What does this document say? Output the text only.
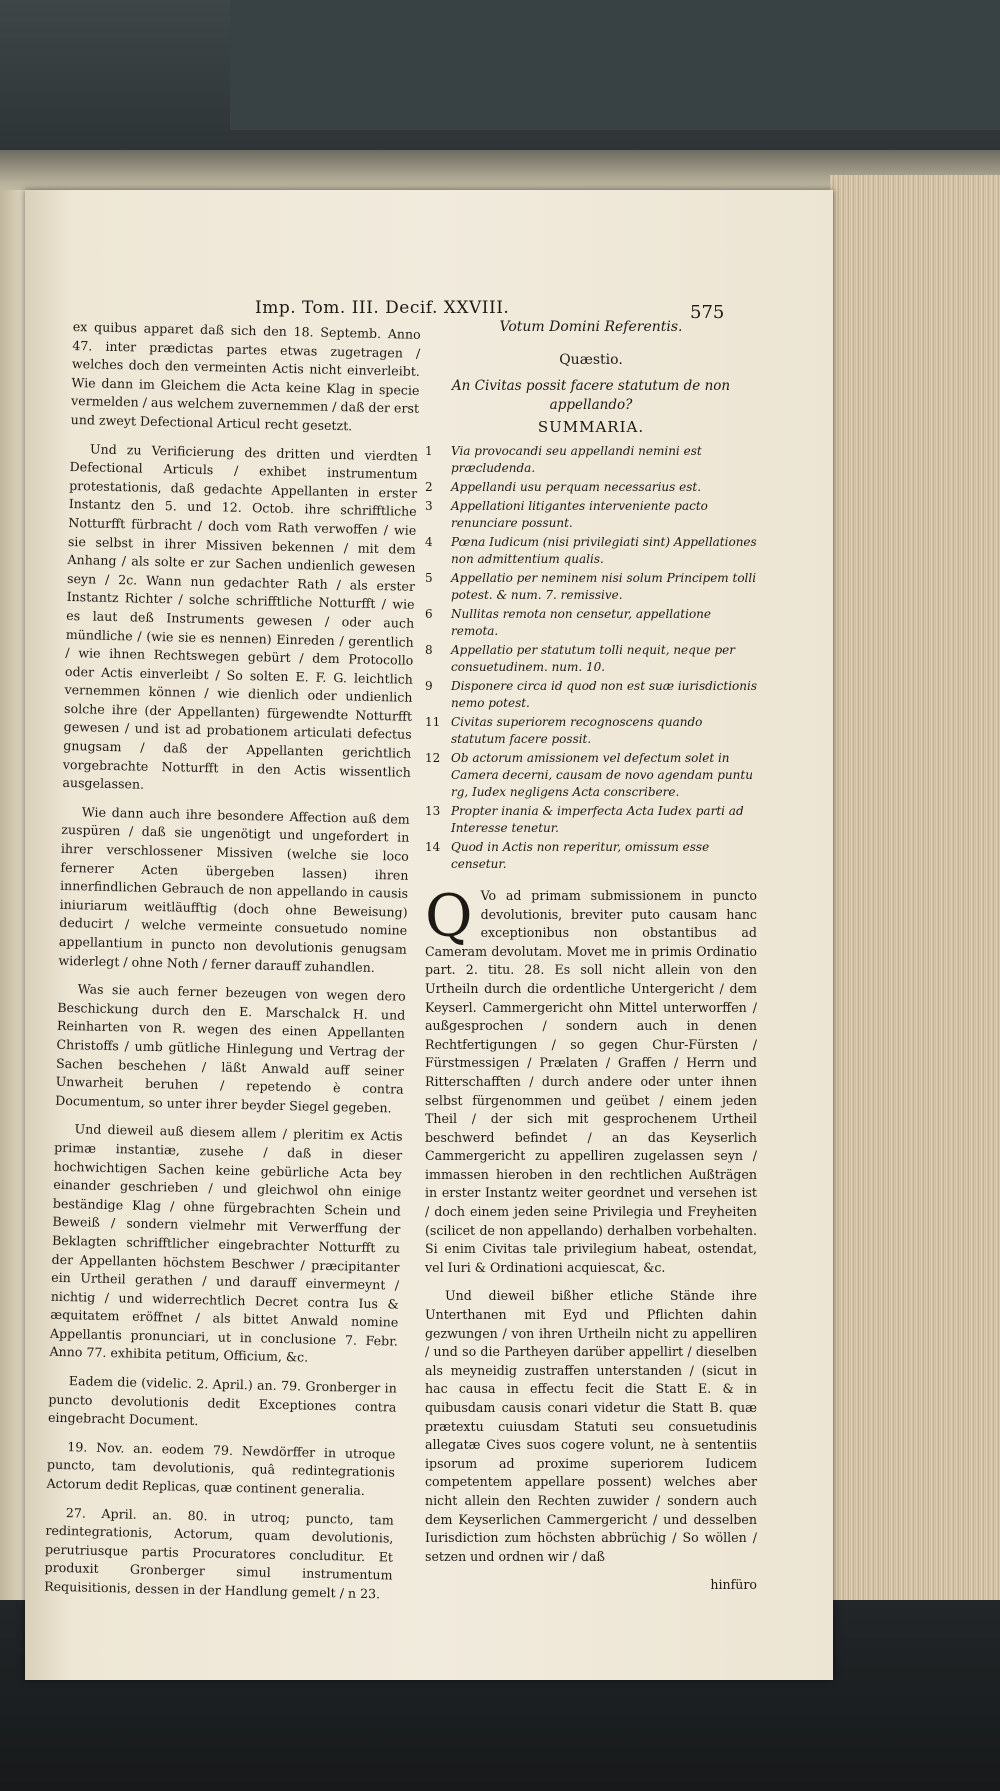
Imp. Tom. III. Decif. XXVIII.	575

ex quibus apparet daß sich den 18. Septemb. Anno 47. inter prædictas partes etwas zugetragen / welches doch den vermeinten Actis nicht einverleibt. Wie dann im Gleichem die Acta keine Klag in specie vermelden / aus welchem zuvernemmen / daß der erst und zweyt Defectional Articul recht gesetzt.

Und zu Verificierung des dritten und vierdten Defectional Articuls / exhibet instrumentum protestationis, daß gedachte Appellanten in erster Instantz den 5. und 12. Octob. ihre schrifftliche Notturfft fürbracht / doch vom Rath verwoffen / wie sie selbst in ihrer Missiven bekennen / mit dem Anhang / als solte er zur Sachen undienlich gewesen seyn / 2c. Wann nun gedachter Rath / als erster Instantz Richter / solche schrifftliche Notturfft / wie es laut deß Instruments gewesen / oder auch mündliche / (wie sie es nennen) Einreden / gerentlich / wie ihnen Rechtswegen gebürt / dem Protocollo oder Actis einverleibt / So solten E. F. G. leichtlich vernemmen können / wie dienlich oder undienlich solche ihre (der Appellanten) fürgewendte Notturfft gewesen / und ist ad probationem articulati defectus gnugsam / daß der Appellanten gerichtlich vorgebrachte Notturfft in den Actis wissentlich ausgelassen.

Wie dann auch ihre besondere Affection auß dem zuspüren / daß sie ungenötigt und ungefordert in ihrer verschlossener Missiven (welche sie loco fernerer Acten übergeben lassen) ihren innerfindlichen Gebrauch de non appellando in causis iniuriarum weitläufftig (doch ohne Beweisung) deducirt / welche vermeinte consuetudo nomine appellantium in puncto non devolutionis genugsam widerlegt / ohne Noth / ferner darauff zuhandlen.

Was sie auch ferner bezeugen von wegen dero Beschickung durch den E. Marschalck H. und Reinharten von R. wegen des einen Appellanten Christoffs / umb gütliche Hinlegung und Vertrag der Sachen beschehen / läßt Anwald auff seiner Unwarheit beruhen / repetendo è contra Documentum, so unter ihrer beyder Siegel gegeben.

Und dieweil auß diesem allem / pleritim ex Actis primæ instantiæ, zusehe / daß in dieser hochwichtigen Sachen keine gebürliche Acta bey einander geschrieben / und gleichwol ohn einige beständige Klag / ohne fürgebrachten Schein und Beweiß / sondern vielmehr mit Verwerffung der Beklagten schrifftlicher eingebrachter Notturfft zu der Appellanten höchstem Beschwer / præcipitanter ein Urtheil gerathen / und darauff einvermeynt / nichtig / und widerrechtlich Decret contra Ius & æquitatem eröffnet / als bittet Anwald nomine Appellantis pronunciari, ut in conclusione 7. Febr. Anno 77. exhibita petitum, Officium, &c.

Eadem die (videlic. 2. April.) an. 79. Gronberger in puncto devolutionis dedit Exceptiones contra eingebracht Document.

19. Nov. an. eodem 79. Newdörffer in utroque puncto, tam devolutionis, quâ redintegrationis Actorum dedit Replicas, quæ continent generalia.

27. April. an. 80. in utroq; puncto, tam redintegrationis, Actorum, quam devolutionis, perutriusque partis Procuratores concluditur. Et produxit Gronberger simul instrumentum Requisitionis, dessen in der Handlung gemelt / n 23.

Votum Domini Referentis.
Quæstio.
An Civitas possit facere statutum de non appellando?
SUMMARIA.
1	Via provocandi seu appellandi nemini est præcludenda.
2	Appellandi usu perquam necessarius est.
3	Appellationi litigantes interveniente pacto renunciare possunt.
4	Pœna Iudicum (nisi privilegiati sint) Appellationes non admittentium qualis.
5	Appellatio per neminem nisi solum Principem tolli potest. & num. 7. remissive.
6	Nullitas remota non censetur, appellatione remota.
8	Appellatio per statutum tolli nequit, neque per consuetudinem. num. 10.
9	Disponere circa id quod non est suæ iurisdictionis nemo potest.
11 Civitas superiorem recognoscens quando statutum facere possit.
12 Ob actorum amissionem vel defectum solet in Camera decerni, causam de novo agendam puntu rg, Iudex negligens Acta conscribere.
13 Propter inania & imperfecta Acta Iudex parti ad Interesse tenetur.
14 Quod in Actis non reperitur, omissum esse censetur.

Q Vo ad primam submissionem in puncto devolutionis, breviter puto causam hanc exceptionibus non obstantibus ad Cameram devolutam. Movet me in primis Ordinatio part. 2. titu. 28. Es soll nicht allein von den Urtheiln durch die ordentliche Untergericht / dem Keyserl. Cammergericht ohn Mittel unterworffen / außgesprochen / sondern auch in denen Rechtfertigungen / so gegen Chur-Fürsten / Fürstmessigen / Prælaten / Graffen / Herrn und Ritterschafften / durch andere oder unter ihnen selbst fürgenommen und geübet / einem jeden Theil / der sich mit gesprochenem Urtheil beschwerd befindet / an das Keyserlich Cammergericht zu appelliren zugelassen seyn / immassen hieroben in den rechtlichen Außträgen in erster Instantz weiter geordnet und versehen ist / doch einem jeden seine Privilegia und Freyheiten (scilicet de non appellando) derhalben vorbehalten. Si enim Civitas tale privilegium habeat, ostendat, vel Iuri & Ordinationi acquiescat, &c.

Und dieweil bißher etliche Stände ihre Unterthanen mit Eyd und Pflichten dahin gezwungen / von ihren Urtheiln nicht zu appelliren / und so die Partheyen darüber appellirt / dieselben als meyneidig zustraffen unterstanden / (sicut in hac causa in effectu fecit die Statt E. & in quibusdam causis conari videtur die Statt B. quæ prætextu cuiusdam Statuti seu consuetudinis allegatæ Cives suos cogere volunt, ne à sententiis ipsorum ad proxime superiorem Iudicem competentem appellare possent) welches aber nicht allein den Rechten zuwider / sondern auch dem Keyserlichen Cammergericht / und desselben Iurisdiction zum höchsten abbrüchig / So wöllen / setzen und ordnen wir / daß

hinfüro
